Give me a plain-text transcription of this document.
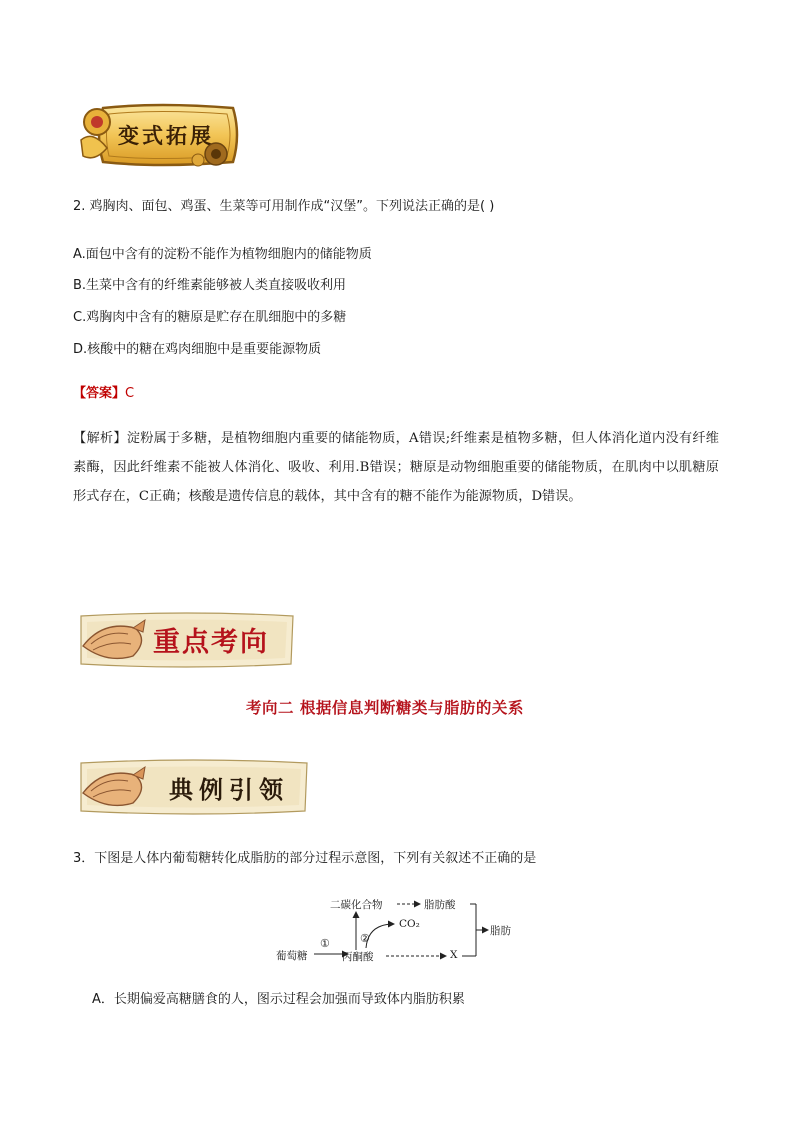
变式拓展
2. 鸡胸肉、面包、鸡蛋、生菜等可用制作成“汉堡”。下列说法正确的是( )
A.面包中含有的淀粉不能作为植物细胞内的储能物质
B.生菜中含有的纤维素能够被人类直接吸收利用
C.鸡胸肉中含有的糖原是贮存在肌细胞中的多糖
D.核酸中的糖在鸡肉细胞中是重要能源物质
【答案】C
【解析】淀粉属于多糖，是植物细胞内重要的储能物质，A错误;纤维素是植物多糖，但人体消化道内没有纤维素酶，因此纤维素不能被人体消化、吸收、利用.B错误；糖原是动物细胞重要的储能物质，在肌肉中以肌糖原形式存在，C正确；核酸是遗传信息的载体，其中含有的糖不能作为能源物质，D错误。
重点考向
考向二 根据信息判断糖类与脂肪的关系
典例引领
3．下图是人体内葡萄糖转化成脂肪的部分过程示意图，下列有关叙述不正确的是
二碳化合物	脂肪酸
CO₂
脂肪
葡萄糖
①	②
丙酮酸	X
A．长期偏爱高糖膳食的人，图示过程会加强而导致体内脂肪积累
